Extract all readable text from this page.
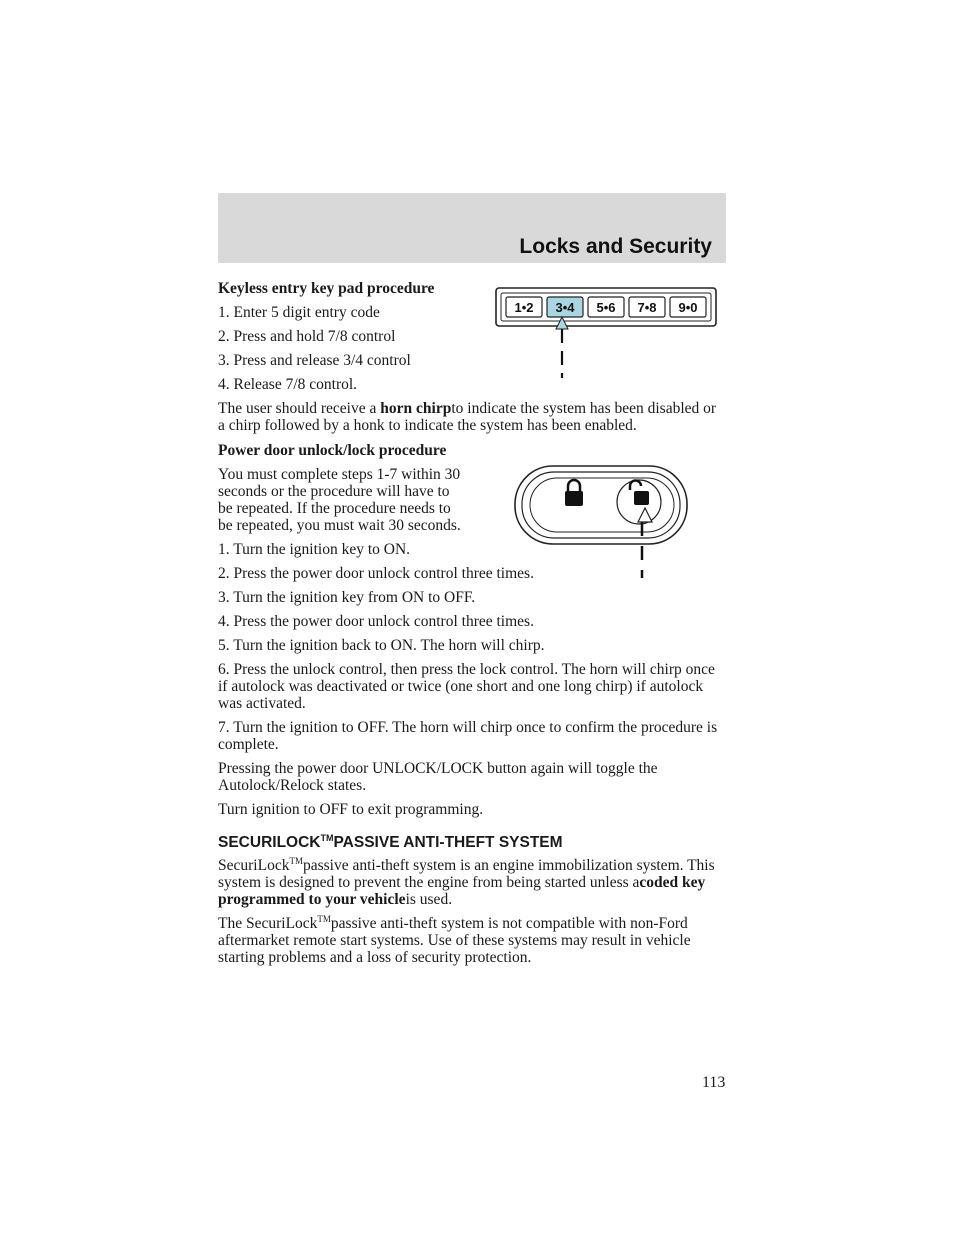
Locks and Security

Keyless entry key pad procedure

1. Enter 5 digit entry code

2. Press and hold 7/8 control

3. Press and release 3/4 control

4. Release 7/8 control.

The user should receive a horn chirpto indicate the system has been disabled or a chirp followed by a honk to indicate the system has been enabled.

Power door unlock/lock procedure

You must complete steps 1-7 within 30 seconds or the procedure will have to be repeated. If the procedure needs to be repeated, you must wait 30 seconds.

1. Turn the ignition key to ON.

2. Press the power door unlock control three times.

3. Turn the ignition key from ON to OFF.

4. Press the power door unlock control three times.

5. Turn the ignition back to ON. The horn will chirp.

6. Press the unlock control, then press the lock control. The horn will chirp once if autolock was deactivated or twice (one short and one long chirp) if autolock was activated.

7. Turn the ignition to OFF. The horn will chirp once to confirm the procedure is complete.

Pressing the power door UNLOCK/LOCK button again will toggle the Autolock/Relock states.

Turn ignition to OFF to exit programming.

SECURILOCK™PASSIVE ANTI-THEFT SYSTEM

SecuriLock™passive anti-theft system is an engine immobilization system. This system is designed to prevent the engine from being started unless acoded key programmed to your vehicleis used.

The SecuriLock™passive anti-theft system is not compatible with non-Ford aftermarket remote start systems. Use of these systems may result in vehicle starting problems and a loss of security protection.

1•2 3•4 5•6 7•8 9•0
113
